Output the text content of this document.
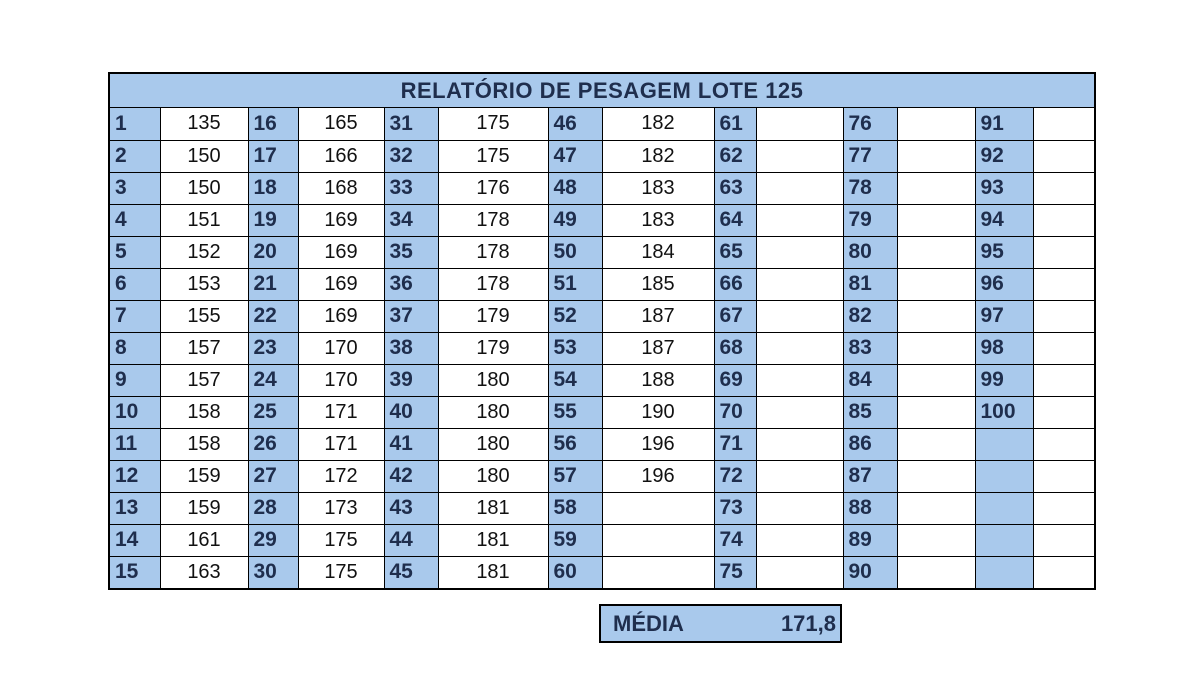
RELATÓRIO DE PESAGEM LOTE 125
1	135	16	165	31	175	46	182	61		76		91	
2	150	17	166	32	175	47	182	62		77		92	
3	150	18	168	33	176	48	183	63		78		93	
4	151	19	169	34	178	49	183	64		79		94	
5	152	20	169	35	178	50	184	65		80		95	
6	153	21	169	36	178	51	185	66		81		96	
7	155	22	169	37	179	52	187	67		82		97	
8	157	23	170	38	179	53	187	68		83		98	
9	157	24	170	39	180	54	188	69		84		99	
10	158	25	171	40	180	55	190	70		85		100	
11	158	26	171	41	180	56	196	71		86			
12	159	27	172	42	180	57	196	72		87			
13	159	28	173	43	181	58		73		88			
14	161	29	175	44	181	59		74		89			
15	163	30	175	45	181	60		75		90			
MÉDIA	171,8
